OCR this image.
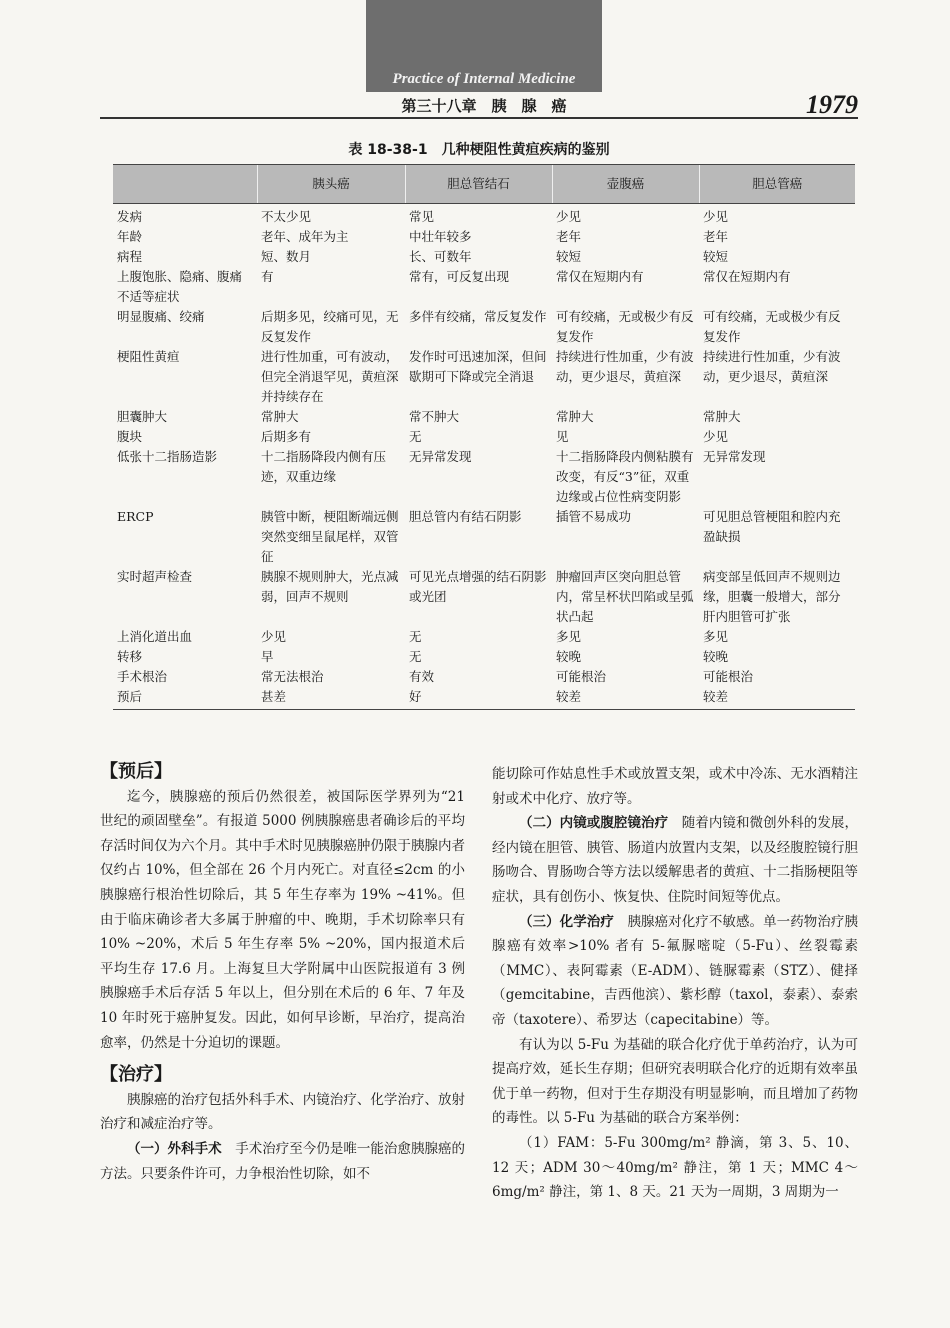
Practice of Internal Medicine
第三十八章　胰　腺　癌	1979
表 18-38-1　几种梗阻性黄疸疾病的鉴别
	胰头癌	胆总管结石	壶腹癌	胆总管癌
发病	不太少见	常见	少见	少见
年龄	老年、成年为主	中壮年较多	老年	老年
病程	短、数月	长、可数年	较短	较短
上腹饱胀、隐痛、腹痛不适等症状	有	常有，可反复出现	常仅在短期内有	常仅在短期内有
明显腹痛、绞痛	后期多见，绞痛可见，无反复发作	多伴有绞痛，常反复发作	可有绞痛，无或极少有反复发作	可有绞痛，无或极少有反复发作
梗阻性黄疸	进行性加重，可有波动，但完全消退罕见，黄疸深并持续存在	发作时可迅速加深，但间歇期可下降或完全消退	持续进行性加重，少有波动，更少退尽，黄疸深	持续进行性加重，少有波动，更少退尽，黄疸深
胆囊肿大	常肿大	常不肿大	常肿大	常肿大
腹块	后期多有	无	见	少见
低张十二指肠造影	十二指肠降段内侧有压迹，双重边缘	无异常发现	十二指肠降段内侧粘膜有改变，有反“3”征，双重边缘或占位性病变阴影	无异常发现
ERCP	胰管中断，梗阻断端远侧突然变细呈鼠尾样，双管征	胆总管内有结石阴影	插管不易成功	可见胆总管梗阻和腔内充盈缺损
实时超声检查	胰腺不规则肿大，光点减弱，回声不规则	可见光点增强的结石阴影或光团	肿瘤回声区突向胆总管内，常呈杯状凹陷或呈弧状凸起	病变部呈低回声不规则边缘，胆囊一般增大，部分肝内胆管可扩张
上消化道出血	少见	无	多见	多见
转移	早	无	较晚	较晚
手术根治	常无法根治	有效	可能根治	可能根治
预后	甚差	好	较差	较差

【预后】

迄今，胰腺癌的预后仍然很差，被国际医学界列为“21 世纪的顽固壁垒”。有报道 5000 例胰腺癌患者确诊后的平均存活时间仅为六个月。其中手术时见胰腺癌肿仍限于胰腺内者仅约占 10%，但全部在 26 个月内死亡。对直径≤2cm 的小胰腺癌行根治性切除后，其 5 年生存率为 19% ~41%。但由于临床确诊者大多属于肿瘤的中、晚期，手术切除率只有 10% ~20%，术后 5 年生存率 5% ~20%，国内报道术后平均生存 17.6 月。上海复旦大学附属中山医院报道有 3 例胰腺癌手术后存活 5 年以上，但分别在术后的 6 年、7 年及 10 年时死于癌肿复发。因此，如何早诊断，早治疗，提高治愈率，仍然是十分迫切的课题。

【治疗】

胰腺癌的治疗包括外科手术、内镜治疗、化学治疗、放射治疗和减症治疗等。

（一）外科手术　 手术治疗至今仍是唯一能治愈胰腺癌的方法。只要条件许可，力争根治性切除，如不

能切除可作姑息性手术或放置支架，或术中冷冻、无水酒精注射或术中化疗、放疗等。

（二）内镜或腹腔镜治疗　 随着内镜和微创外科的发展，经内镜在胆管、胰管、肠道内放置内支架，以及经腹腔镜行胆肠吻合、胃肠吻合等方法以缓解患者的黄疸、十二指肠梗阻等症状，具有创伤小、恢复快、住院时间短等优点。

（三）化学治疗　 胰腺癌对化疗不敏感。单一药物治疗胰腺癌有效率>10% 者有 5-氟脲嘧啶（5-Fu）、丝裂霉素（MMC）、表阿霉素（E-ADM）、链脲霉素（STZ）、健择（gemcitabine，吉西他滨）、紫杉醇（taxol，泰素）、泰索帝（taxotere）、希罗达（capecitabine）等。

有认为以 5-Fu 为基础的联合化疗优于单药治疗，认为可提高疗效，延长生存期；但研究表明联合化疗的近期有效率虽优于单一药物，但对于生存期没有明显影响，而且增加了药物的毒性。以 5-Fu 为基础的联合方案举例：

（1）FAM：5-Fu 300mg/m² 静滴，第 3、5、10、12 天；ADM 30～40mg/m² 静注，第 1 天；MMC 4～6mg/m² 静注，第 1、8 天。21 天为一周期，3 周期为一
